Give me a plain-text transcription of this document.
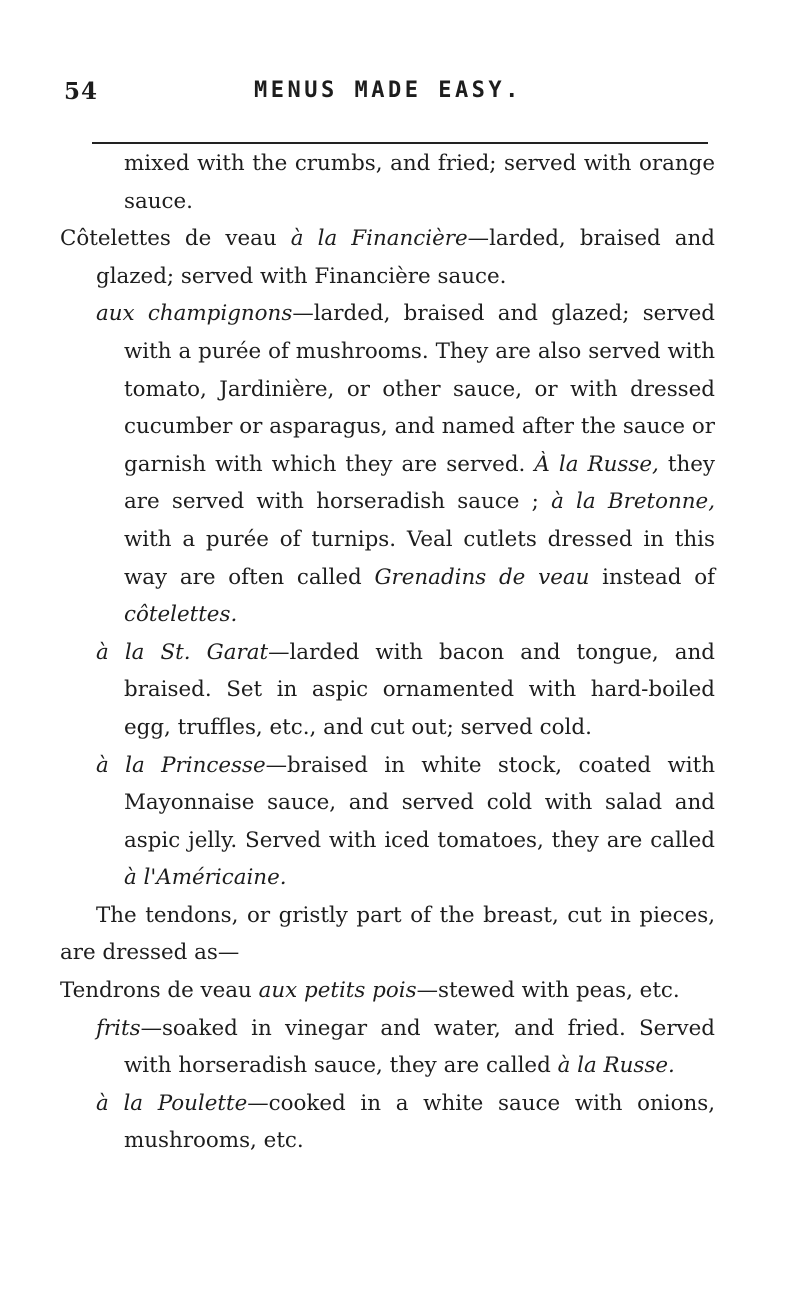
54	MENUS MADE EASY.

mixed with the crumbs, and fried; served with orange sauce.

Côtelettes de veau à la Financière—larded, braised and glazed; served with Financière sauce.

aux champignons—larded, braised and glazed; served with a purée of mushrooms. They are also served with tomato, Jardinière, or other sauce, or with dressed cucumber or asparagus, and named after the sauce or garnish with which they are served. À la Russe, they are served with horseradish sauce ; à la Bretonne, with a purée of turnips. Veal cutlets dressed in this way are often called Grenadins de veau instead of côtelettes.

à la St. Garat—larded with bacon and tongue, and braised. Set in aspic ornamented with hard-boiled egg, truffles, etc., and cut out; served cold.

à la Princesse—braised in white stock, coated with Mayonnaise sauce, and served cold with salad and aspic jelly. Served with iced tomatoes, they are called à l'Américaine.

The tendons, or gristly part of the breast, cut in pieces, are dressed as—

Tendrons de veau aux petits pois—stewed with peas, etc.

frits—soaked in vinegar and water, and fried. Served with horseradish sauce, they are called à la Russe.

à la Poulette—cooked in a white sauce with onions, mushrooms, etc.
